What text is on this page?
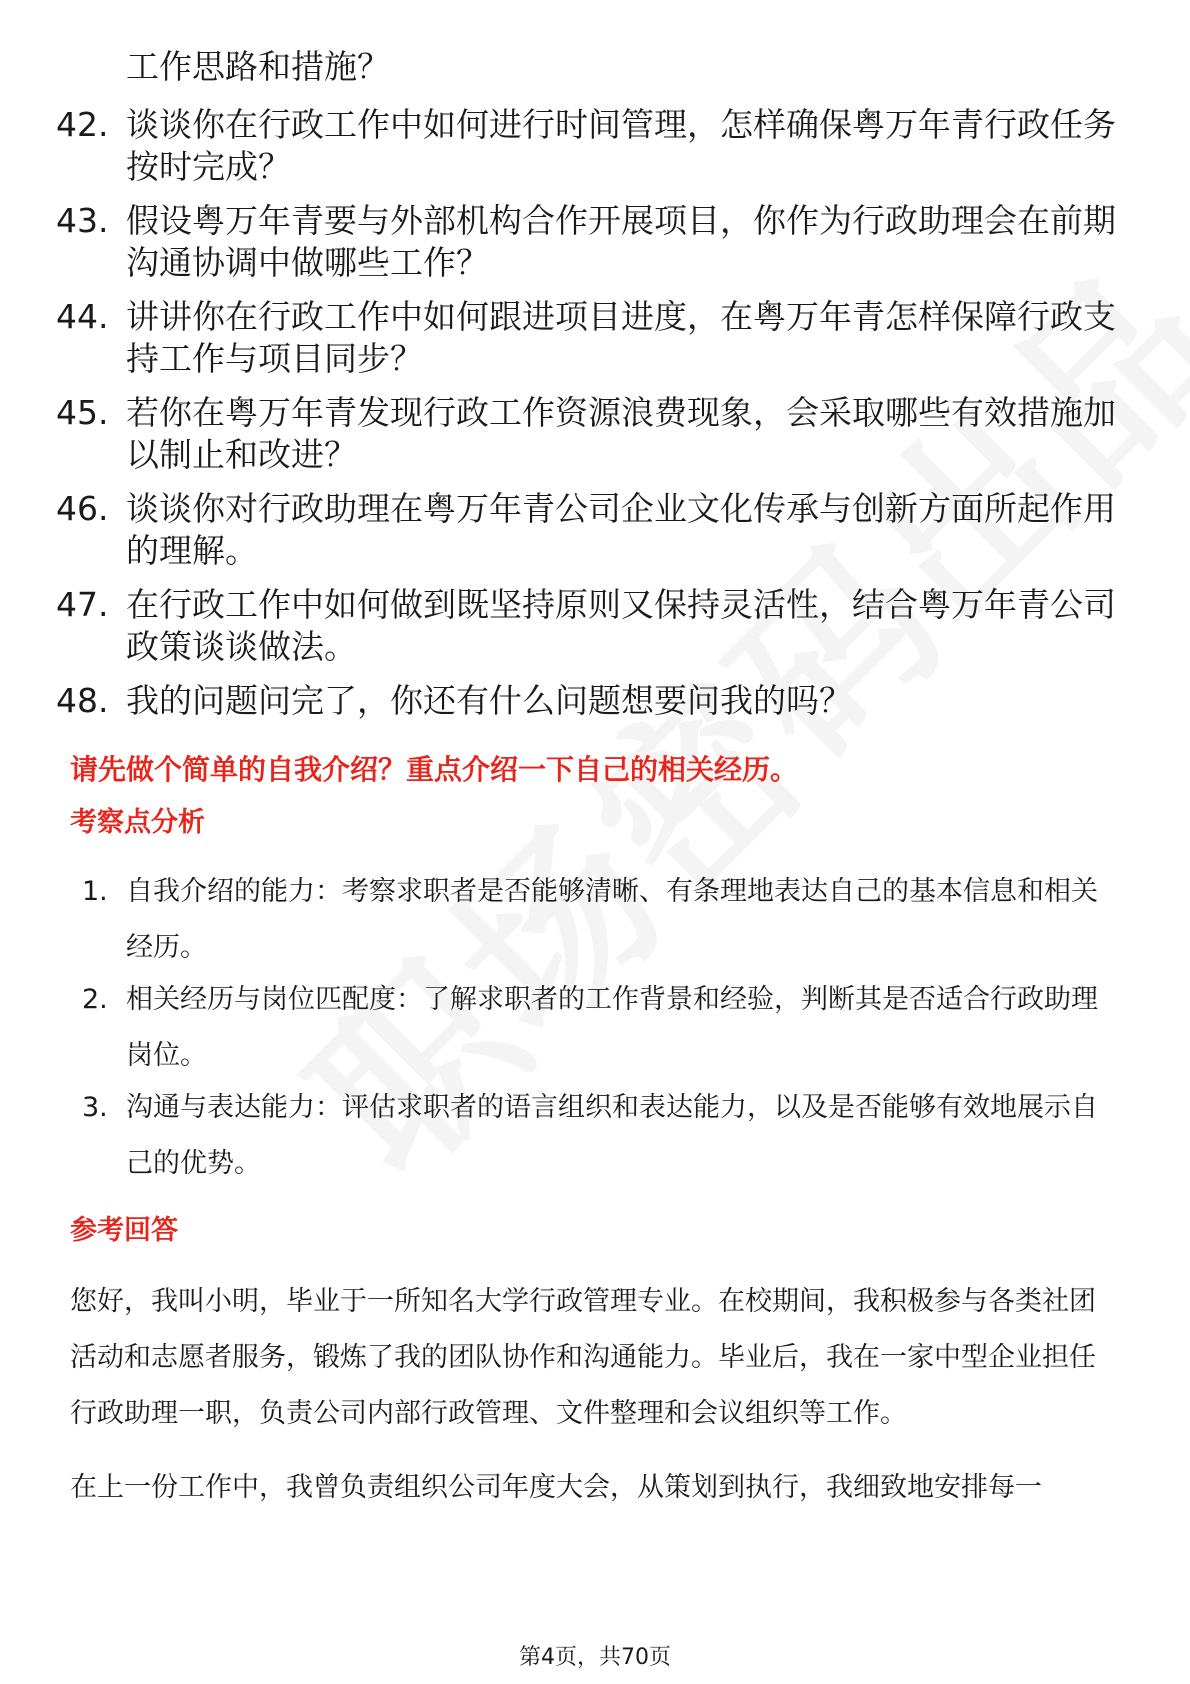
工作思路和措施？
42. 谈谈你在行政工作中如何进行时间管理，怎样确保粤万年青行政任务按时完成？
43. 假设粤万年青要与外部机构合作开展项目，你作为行政助理会在前期沟通协调中做哪些工作？
44. 讲讲你在行政工作中如何跟进项目进度，在粤万年青怎样保障行政支持工作与项目同步？
45. 若你在粤万年青发现行政工作资源浪费现象，会采取哪些有效措施加以制止和改进？
46. 谈谈你对行政助理在粤万年青公司企业文化传承与创新方面所起作用的理解。
47. 在行政工作中如何做到既坚持原则又保持灵活性，结合粤万年青公司政策谈谈做法。
48. 我的问题问完了，你还有什么问题想要问我的吗？
请先做个简单的自我介绍？重点介绍一下自己的相关经历。
考察点分析
1. 自我介绍的能力：考察求职者是否能够清晰、有条理地表达自己的基本信息和相关经历。
2. 相关经历与岗位匹配度：了解求职者的工作背景和经验，判断其是否适合行政助理岗位。
3. 沟通与表达能力：评估求职者的语言组织和表达能力，以及是否能够有效地展示自己的优势。
参考回答
您好，我叫小明，毕业于一所知名大学行政管理专业。在校期间，我积极参与各类社团活动和志愿者服务，锻炼了我的团队协作和沟通能力。毕业后，我在一家中型企业担任行政助理一职，负责公司内部行政管理、文件整理和会议组织等工作。
在上一份工作中，我曾负责组织公司年度大会，从策划到执行，我细致地安排每一
第4页，共70页
